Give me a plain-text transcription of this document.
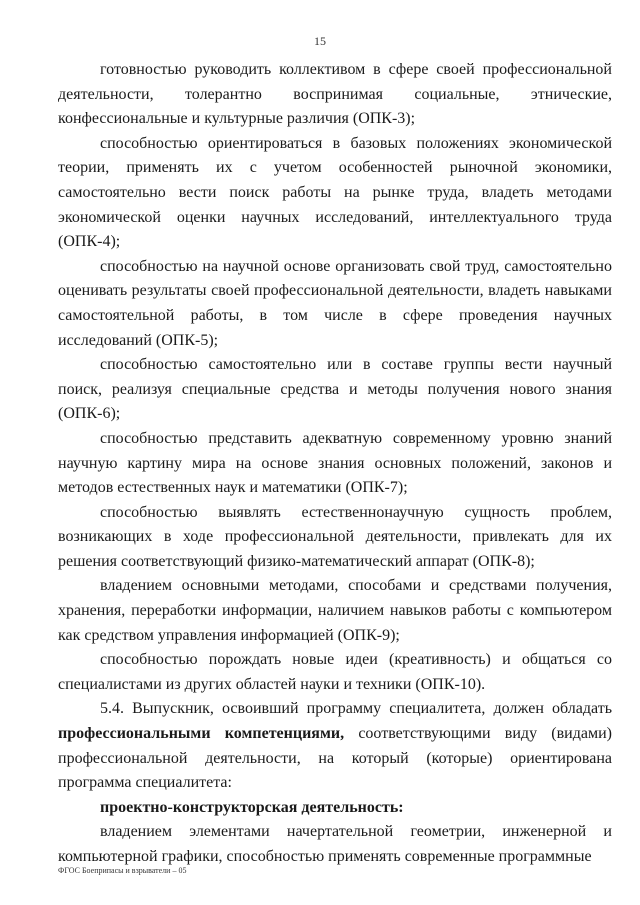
15

готовностью руководить коллективом в сфере своей профессиональной деятельности, толерантно воспринимая социальные, этнические, конфессиональные и культурные различия (ОПК-3);

способностью ориентироваться в базовых положениях экономической теории, применять их с учетом особенностей рыночной экономики, самостоятельно вести поиск работы на рынке труда, владеть методами экономической оценки научных исследований, интеллектуального труда (ОПК-4);

способностью на научной основе организовать свой труд, самостоятельно оценивать результаты своей профессиональной деятельности, владеть навыками самостоятельной работы, в том числе в сфере проведения научных исследований (ОПК-5);

способностью самостоятельно или в составе группы вести научный поиск, реализуя специальные средства и методы получения нового знания (ОПК-6);

способностью представить адекватную современному уровню знаний научную картину мира на основе знания основных положений, законов и методов естественных наук и математики (ОПК-7);

способностью выявлять естественнонаучную сущность проблем, возникающих в ходе профессиональной деятельности, привлекать для их решения соответствующий физико-математический аппарат (ОПК-8);

владением основными методами, способами и средствами получения, хранения, переработки информации, наличием навыков работы с компьютером как средством управления информацией (ОПК-9);

способностью порождать новые идеи (креативность) и общаться со специалистами из других областей науки и техники (ОПК-10).

5.4. Выпускник, освоивший программу специалитета, должен обладать профессиональными компетенциями, соответствующими виду (видами) профессиональной деятельности, на который (которые) ориентирована программа специалитета:

проектно-конструкторская деятельность:

владением элементами начертательной геометрии, инженерной и компьютерной графики, способностью применять современные программные

ФГОС Боеприпасы и взрыватели – 05
